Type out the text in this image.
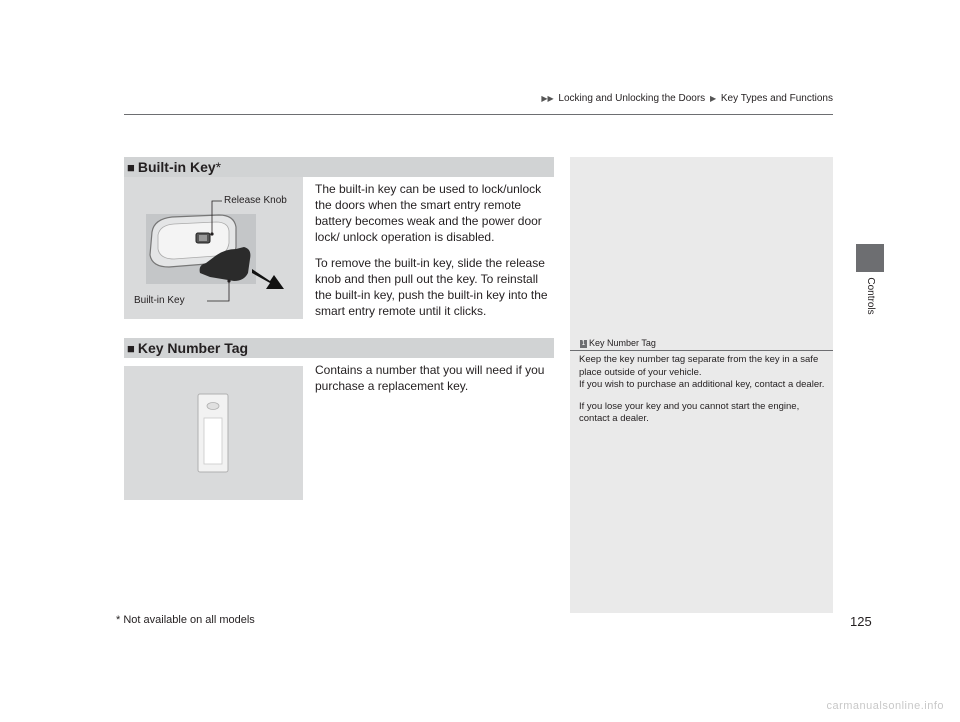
▶▶ Locking and Unlocking the Doors ▶ Key Types and Functions
Controls
■ Built-in Key*
Release Knob
Built-in Key

The built-in key can be used to lock/unlock the doors when the smart entry remote battery becomes weak and the power door lock/ unlock operation is disabled.

To remove the built-in key, slide the release knob and then pull out the key. To reinstall the built-in key, push the built-in key into the smart entry remote until it clicks.

■ Key Number Tag

Contains a number that you will need if you purchase a replacement key.

1 Key Number Tag
Keep the key number tag separate from the key in a safe place outside of your vehicle.

If you wish to purchase an additional key, contact a dealer.

If you lose your key and you cannot start the engine, contact a dealer.

* Not available on all models	125
carmanualsonline.info
